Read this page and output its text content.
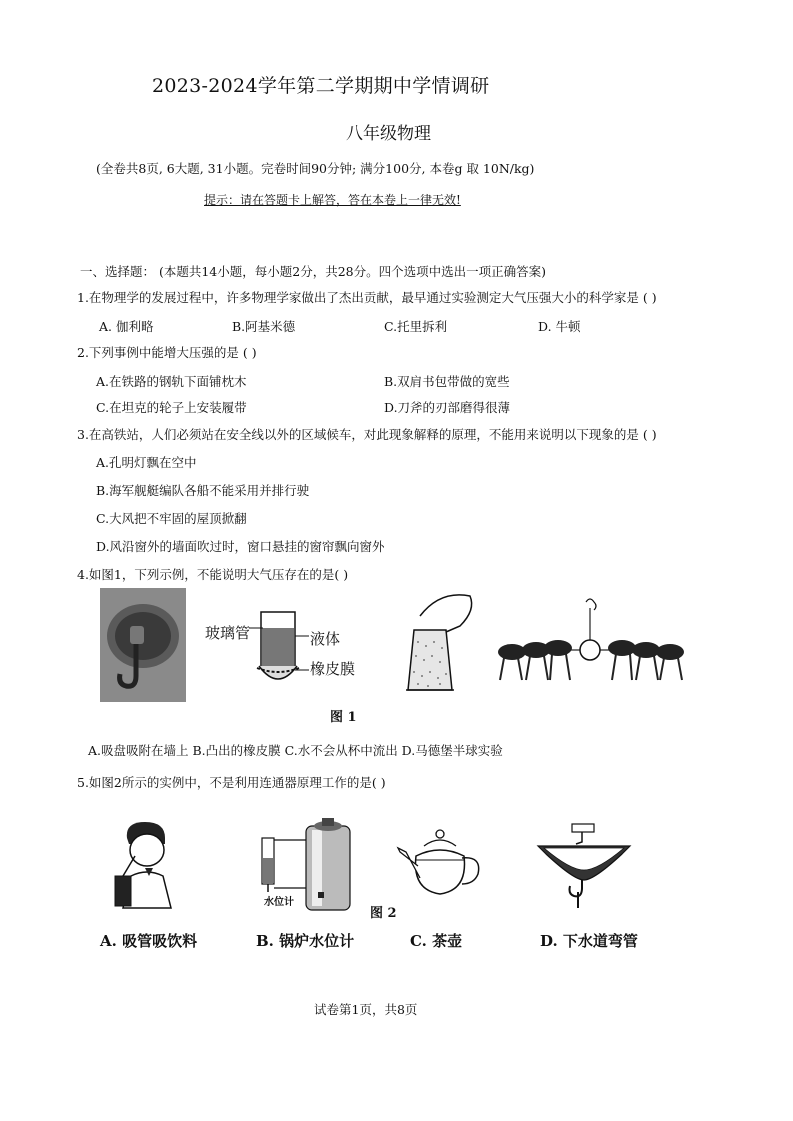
2023-2024学年第二学期期中学情调研
八年级物理
(全卷共8页, 6大题, 31小题。完卷时间90分钟; 满分100分, 本卷g 取 10N/kg)
提示：请在答题卡上解答，答在本卷上一律无效!
一、选择题： (本题共14小题，每小题2分，共28分。四个选项中选出一项正确答案)
1.在物理学的发展过程中，许多物理学家做出了杰出贡献，最早通过实验测定大气压强大小的科学家是 ( )
A. 伽利略	B.阿基米德	C.托里拆利	D. 牛顿
2.下列事例中能增大压强的是 ( )
A.在铁路的钢轨下面铺枕木	B.双肩书包带做的宽些
C.在坦克的轮子上安装履带	D.刀斧的刃部磨得很薄
3.在高铁站，人们必须站在安全线以外的区域候车，对此现象解释的原理，不能用来说明以下现象的是 ( )
A.孔明灯飘在空中
B.海军舰艇编队各船不能采用并排行驶
C.大风把不牢固的屋顶掀翻
D.风沿窗外的墙面吹过时，窗口悬挂的窗帘飘向窗外
4.如图1，下列示例，不能说明大气压存在的是( )
玻璃管	液体
橡皮膜
图 1
A.吸盘吸附在墙上 B.凸出的橡皮膜 C.水不会从杯中流出 D.马德堡半球实验
5.如图2所示的实例中，不是利用连通器原理工作的是( )
水位计
图 2
A. 吸管吸饮料	B. 锅炉水位计	C. 茶壶	D. 下水道弯管
试卷第1页，共8页
